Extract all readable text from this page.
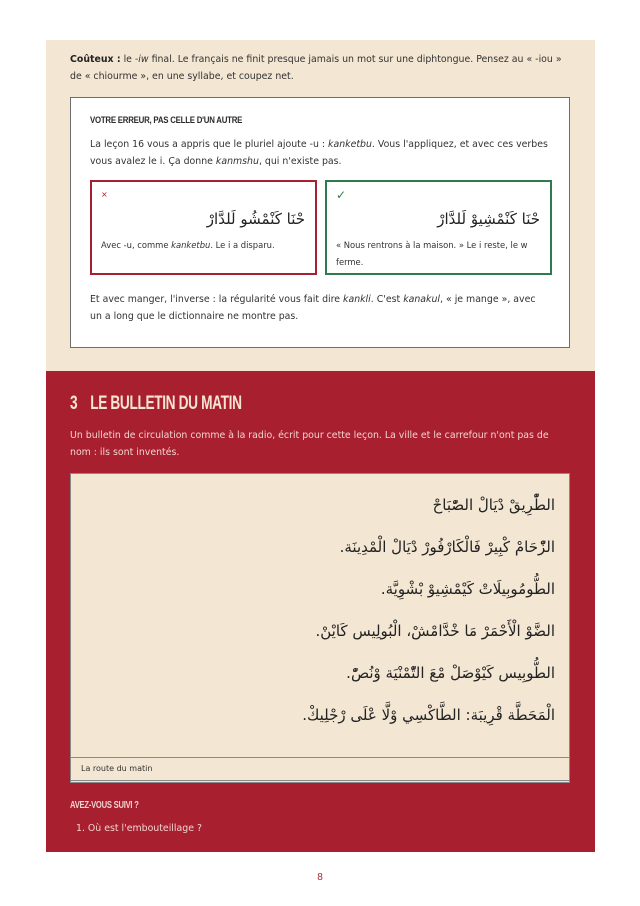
Coûteux : le -iw final. Le français ne finit presque jamais un mot sur une diphtongue. Pensez au « -iou » de « chiourme », en une syllabe, et coupez net.
VOTRE ERREUR, PAS CELLE D'UN AUTRE
La leçon 16 vous a appris que le pluriel ajoute -u : kanketbu. Vous l'appliquez, et avec ces verbes vous avalez le i. Ça donne kanmshu, qui n'existe pas.
×
حْنَا كَنْمْشُو لَلدَّارْ
Avec -u, comme kanketbu. Le i a disparu.
✓
حْنَا كَنْمْشِيوْ لَلدَّارْ
« Nous rentrons à la maison. » Le i reste, le w ferme.
Et avec manger, l'inverse : la régularité vous fait dire kankli. C'est kanakul, « je mange », avec un a long que le dictionnaire ne montre pas.
3 LE BULLETIN DU MATIN
Un bulletin de circulation comme à la radio, écrit pour cette leçon. La ville et le carrefour n'ont pas de nom : ils sont inventés.
الطّْرِيقْ دْيَالْ الصّْبَاحْ
الزّْحَامْ كْبِيرْ فَالْكَارْفُورْ دْيَالْ الْمْدِينَة.
الطُّومُوبِيلَاتْ كَيْمْشِيوْ بْشْوِيَّة.
الضَّوْ الْأَحْمَرْ مَا خْدَّامْشْ، الْبُولِيس كَايْنْ.
الطُّوبِيس كَيْوْصَلْ مْعَ التّْمْنْيَة وْنُصّْ.
الْمَحَطَّة قْرِيبَة: الطَّاكْسِي وْلَّا عْلَى رْجْلِيكْ.
La route du matin
AVEZ-VOUS SUIVI ?
1. Où est l'embouteillage ?
8
